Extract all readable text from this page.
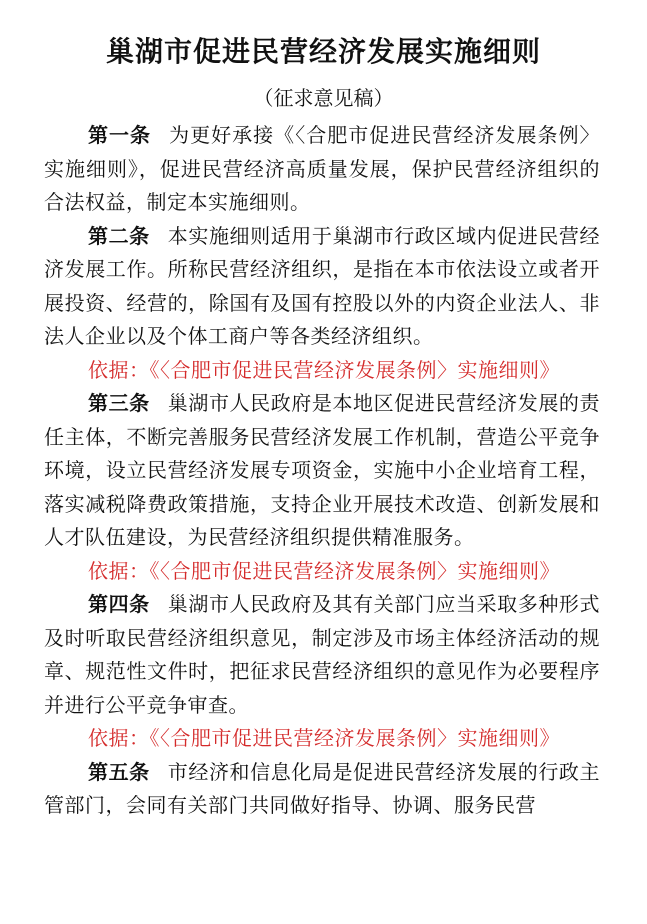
巢湖市促进民营经济发展实施细则
（征求意见稿）

第一条 为更好承接《〈合肥市促进民营经济发展条例〉实施细则》，促进民营经济高质量发展，保护民营经济组织的合法权益，制定本实施细则。

第二条 本实施细则适用于巢湖市行政区域内促进民营经济发展工作。所称民营经济组织，是指在本市依法设立或者开展投资、经营的，除国有及国有控股以外的内资企业法人、非法人企业以及个体工商户等各类经济组织。

依据：《〈合肥市促进民营经济发展条例〉实施细则》

第三条 巢湖市人民政府是本地区促进民营经济发展的责任主体，不断完善服务民营经济发展工作机制，营造公平竞争环境，设立民营经济发展专项资金，实施中小企业培育工程，落实减税降费政策措施，支持企业开展技术改造、创新发展和人才队伍建设，为民营经济组织提供精准服务。

依据：《〈合肥市促进民营经济发展条例〉实施细则》

第四条 巢湖市人民政府及其有关部门应当采取多种形式及时听取民营经济组织意见，制定涉及市场主体经济活动的规章、规范性文件时，把征求民营经济组织的意见作为必要程序并进行公平竞争审查。

依据：《〈合肥市促进民营经济发展条例〉实施细则》

第五条 市经济和信息化局是促进民营经济发展的行政主管部门，会同有关部门共同做好指导、协调、服务民营
